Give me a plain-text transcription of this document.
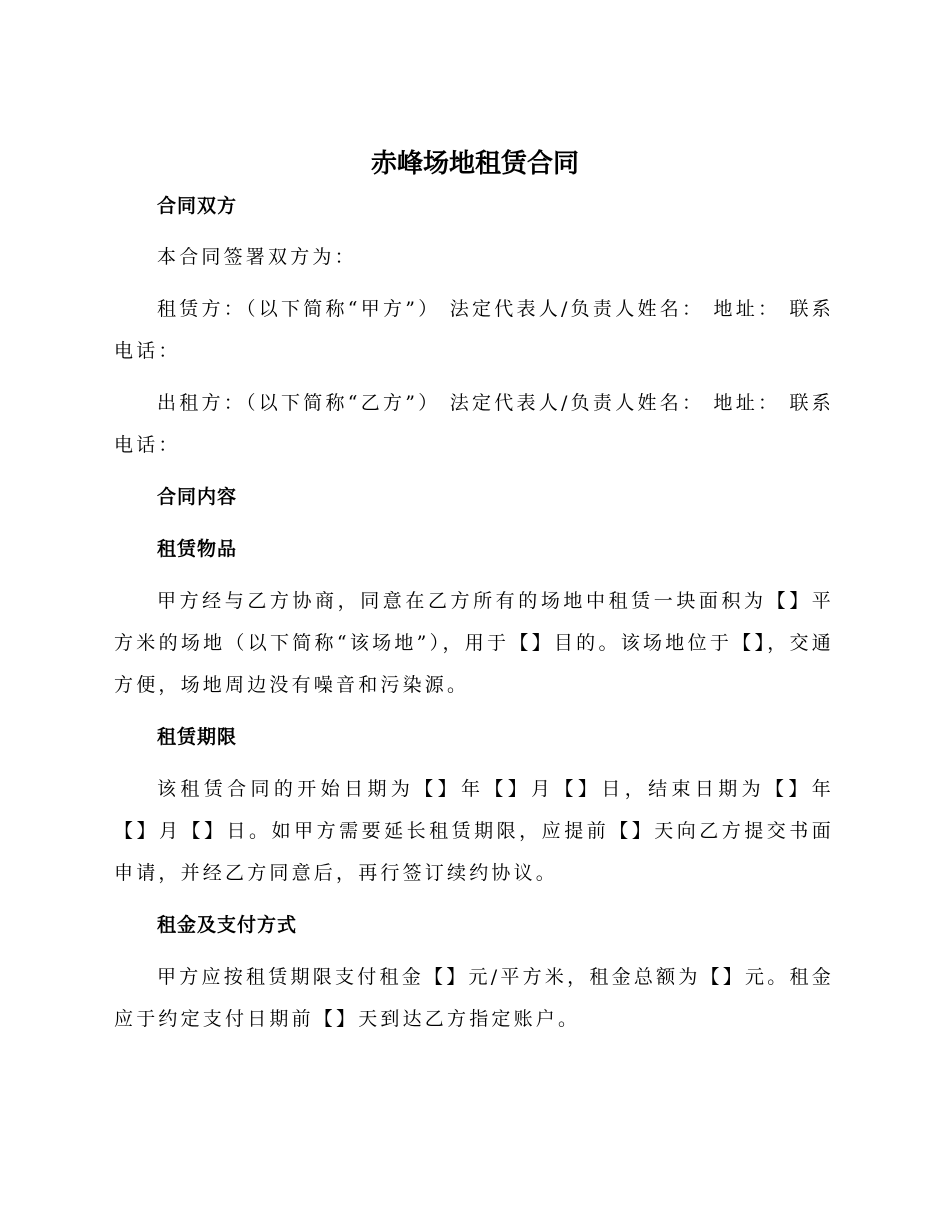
赤峰场地租赁合同
合同双方

本合同签署双方为：

租赁方：（以下简称“甲方”） 法定代表人/负责人姓名： 地址： 联系电话：

出租方：（以下简称“乙方”） 法定代表人/负责人姓名： 地址： 联系电话：

合同内容
租赁物品

甲方经与乙方协商，同意在乙方所有的场地中租赁一块面积为【】平方米的场地（以下简称“该场地”），用于【】目的。该场地位于【】，交通方便，场地周边没有噪音和污染源。

租赁期限

该租赁合同的开始日期为【】年【】月【】日，结束日期为【】年【】月【】日。如甲方需要延长租赁期限，应提前【】天向乙方提交书面申请，并经乙方同意后，再行签订续约协议。

租金及支付方式

甲方应按租赁期限支付租金【】元/平方米，租金总额为【】元。租金应于约定支付日期前【】天到达乙方指定账户。
